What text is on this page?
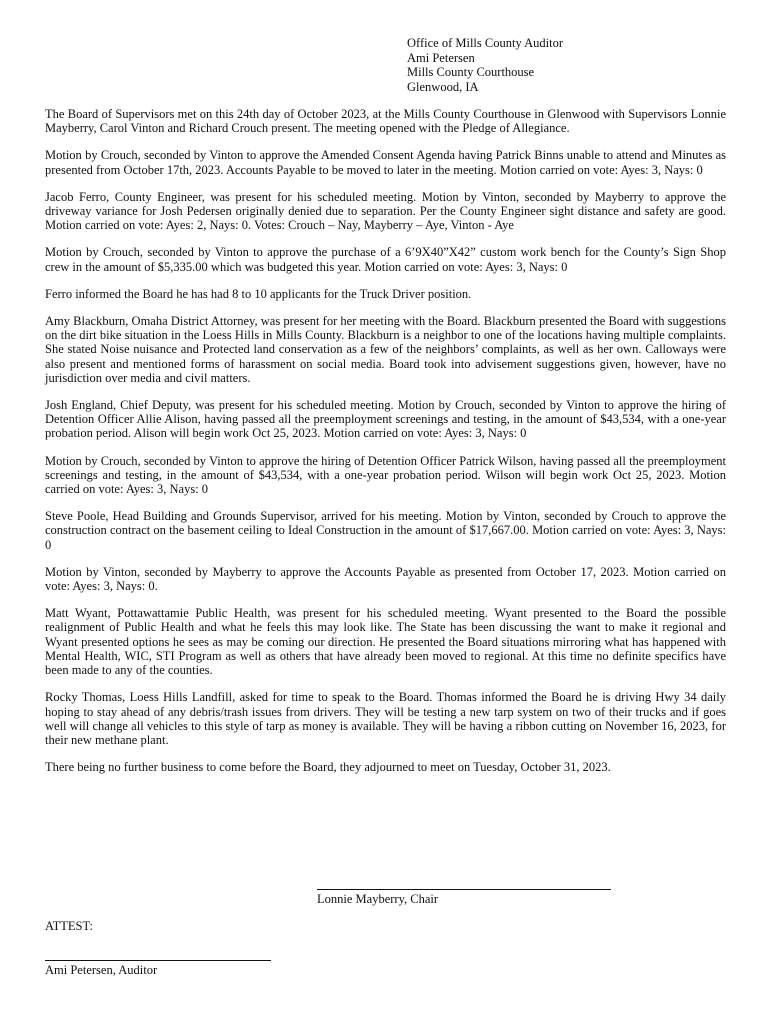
Office of Mills County Auditor
Ami Petersen
Mills County Courthouse
Glenwood, IA

The Board of Supervisors met on this 24th day of October 2023, at the Mills County Courthouse in Glenwood with Supervisors Lonnie Mayberry, Carol Vinton and Richard Crouch present. The meeting opened with the Pledge of Allegiance.

Motion by Crouch, seconded by Vinton to approve the Amended Consent Agenda having Patrick Binns unable to attend and Minutes as presented from October 17th, 2023. Accounts Payable to be moved to later in the meeting. Motion carried on vote: Ayes: 3, Nays: 0

Jacob Ferro, County Engineer, was present for his scheduled meeting. Motion by Vinton, seconded by Mayberry to approve the driveway variance for Josh Pedersen originally denied due to separation. Per the County Engineer sight distance and safety are good. Motion carried on vote: Ayes: 2, Nays: 0. Votes: Crouch – Nay, Mayberry – Aye, Vinton - Aye

Motion by Crouch, seconded by Vinton to approve the purchase of a 6’9X40”X42” custom work bench for the County’s Sign Shop crew in the amount of $5,335.00 which was budgeted this year. Motion carried on vote: Ayes: 3, Nays: 0

Ferro informed the Board he has had 8 to 10 applicants for the Truck Driver position.

Amy Blackburn, Omaha District Attorney, was present for her meeting with the Board. Blackburn presented the Board with suggestions on the dirt bike situation in the Loess Hills in Mills County. Blackburn is a neighbor to one of the locations having multiple complaints. She stated Noise nuisance and Protected land conservation as a few of the neighbors’ complaints, as well as her own. Calloways were also present and mentioned forms of harassment on social media. Board took into advisement suggestions given, however, have no jurisdiction over media and civil matters.

Josh England, Chief Deputy, was present for his scheduled meeting. Motion by Crouch, seconded by Vinton to approve the hiring of Detention Officer Allie Alison, having passed all the preemployment screenings and testing, in the amount of $43,534, with a one-year probation period. Alison will begin work Oct 25, 2023. Motion carried on vote: Ayes: 3, Nays: 0

Motion by Crouch, seconded by Vinton to approve the hiring of Detention Officer Patrick Wilson, having passed all the preemployment screenings and testing, in the amount of $43,534, with a one-year probation period. Wilson will begin work Oct 25, 2023. Motion carried on vote: Ayes: 3, Nays: 0

Steve Poole, Head Building and Grounds Supervisor, arrived for his meeting. Motion by Vinton, seconded by Crouch to approve the construction contract on the basement ceiling to Ideal Construction in the amount of $17,667.00. Motion carried on vote: Ayes: 3, Nays: 0

Motion by Vinton, seconded by Mayberry to approve the Accounts Payable as presented from October 17, 2023. Motion carried on vote: Ayes: 3, Nays: 0.

Matt Wyant, Pottawattamie Public Health, was present for his scheduled meeting. Wyant presented to the Board the possible realignment of Public Health and what he feels this may look like. The State has been discussing the want to make it regional and Wyant presented options he sees as may be coming our direction. He presented the Board situations mirroring what has happened with Mental Health, WIC, STI Program as well as others that have already been moved to regional. At this time no definite specifics have been made to any of the counties.

Rocky Thomas, Loess Hills Landfill, asked for time to speak to the Board. Thomas informed the Board he is driving Hwy 34 daily hoping to stay ahead of any debris/trash issues from drivers. They will be testing a new tarp system on two of their trucks and if goes well will change all vehicles to this style of tarp as money is available. They will be having a ribbon cutting on November 16, 2023, for their new methane plant.

There being no further business to come before the Board, they adjourned to meet on Tuesday, October 31, 2023.

Lonnie Mayberry, Chair
ATTEST:
Ami Petersen, Auditor
